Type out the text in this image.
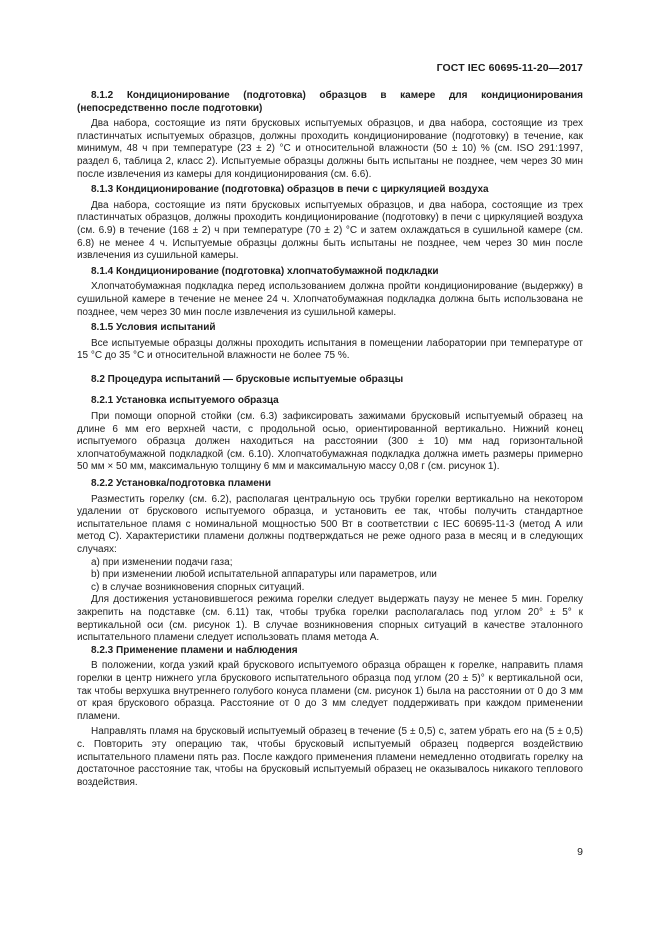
ГОСТ IEC 60695-11-20—2017
8.1.2 Кондиционирование (подготовка) образцов в камере для кондиционирования (непосредственно после подготовки)

Два набора, состоящие из пяти брусковых испытуемых образцов, и два набора, состоящие из трех пластинчатых испытуемых образцов, должны проходить кондиционирование (подготовку) в течение, как минимум, 48 ч при температуре (23 ± 2) °С и относительной влажности (50 ± 10) % (см. ISO 291:1997, раздел 6, таблица 2, класс 2). Испытуемые образцы должны быть испытаны не позднее, чем через 30 мин после извлечения из камеры для кондиционирования (см. 6.6).

8.1.3 Кондиционирование (подготовка) образцов в печи с циркуляцией воздуха

Два набора, состоящие из пяти брусковых испытуемых образцов, и два набора, состоящие из трех пластинчатых образцов, должны проходить кондиционирование (подготовку) в печи с циркуляцией воздуха (см. 6.9) в течение (168 ± 2) ч при температуре (70 ± 2) °С и затем охлаждаться в сушильной камере (см. 6.8) не менее 4 ч. Испытуемые образцы должны быть испытаны не позднее, чем через 30 мин после извлечения из сушильной камеры.

8.1.4 Кондиционирование (подготовка) хлопчатобумажной подкладки

Хлопчатобумажная подкладка перед использованием должна пройти кондиционирование (выдержку) в сушильной камере в течение не менее 24 ч. Хлопчатобумажная подкладка должна быть использована не позднее, чем через 30 мин после извлечения из сушильной камеры.

8.1.5 Условия испытаний

Все испытуемые образцы должны проходить испытания в помещении лаборатории при температуре от 15 °С до 35 °С и относительной влажности не более 75 %.

8.2 Процедура испытаний — брусковые испытуемые образцы
8.2.1 Установка испытуемого образца

При помощи опорной стойки (см. 6.3) зафиксировать зажимами брусковый испытуемый образец на длине 6 мм его верхней части, с продольной осью, ориентированной вертикально. Нижний конец испытуемого образца должен находиться на расстоянии (300 ± 10) мм над горизонтальной хлопчатобумажной подкладкой (см. 6.10). Хлопчатобумажная подкладка должна иметь размеры примерно 50 мм × 50 мм, максимальную толщину 6 мм и максимальную массу 0,08 г (см. рисунок 1).

8.2.2 Установка/подготовка пламени

Разместить горелку (см. 6.2), располагая центральную ось трубки горелки вертикально на некотором удалении от брускового испытуемого образца, и установить ее так, чтобы получить стандартное испытательное пламя с номинальной мощностью 500 Вт в соответствии с IEC 60695-11-3 (метод А или метод С). Характеристики пламени должны подтверждаться не реже одного раза в месяц и в следующих случаях:

a) при изменении подачи газа;
b) при изменении любой испытательной аппаратуры или параметров, или
c) в случае возникновения спорных ситуаций.

Для достижения установившегося режима горелки следует выдержать паузу не менее 5 мин. Горелку закрепить на подставке (см. 6.11) так, чтобы трубка горелки располагалась под углом 20° ± 5° к вертикальной оси (см. рисунок 1). В случае возникновения спорных ситуаций в качестве эталонного испытательного пламени следует использовать пламя метода А.

8.2.3 Применение пламени и наблюдения

В положении, когда узкий край брускового испытуемого образца обращен к горелке, направить пламя горелки в центр нижнего угла брускового испытательного образца под углом (20 ± 5)° к вертикальной оси, так чтобы верхушка внутреннего голубого конуса пламени (см. рисунок 1) была на расстоянии от 0 до 3 мм от края брускового образца. Расстояние от 0 до 3 мм следует поддерживать при каждом применении пламени.

Направлять пламя на брусковый испытуемый образец в течение (5 ± 0,5) с, затем убрать его на (5 ± 0,5) с. Повторить эту операцию так, чтобы брусковый испытуемый образец подвергся воздействию испытательного пламени пять раз. После каждого применения пламени немедленно отодвигать горелку на достаточное расстояние так, чтобы на брусковый испытуемый образец не оказывалось никакого теплового воздействия.

9
